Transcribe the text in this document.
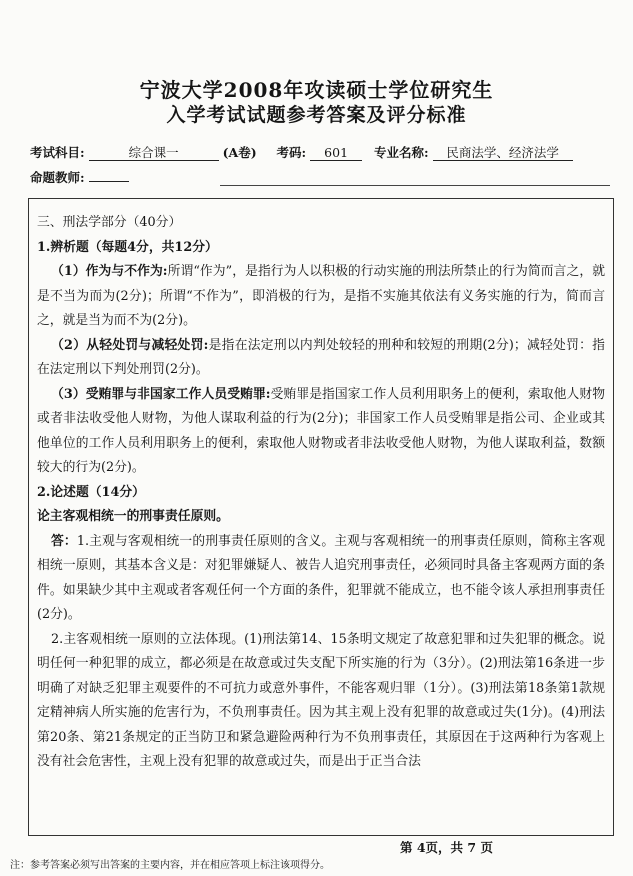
宁波大学2008年攻读硕士学位研究生
入学考试试题参考答案及评分标准
考试科目:	综合课一	(A卷) 考码: 601 专业名称: 民商法学、经济法学
命题教师:

三、刑法学部分（40分）

1.辨析题（每题4分，共12分）

（1）作为与不作为:所谓“作为”，是指行为人以积极的行动实施的刑法所禁止的行为简而言之，就是不当为而为(2分)；所谓“不作为”，即消极的行为，是指不实施其依法有义务实施的行为，简而言之，就是当为而不为(2分)。

（2）从轻处罚与减轻处罚:是指在法定刑以内判处较轻的刑种和较短的刑期(2分)；减轻处罚：指在法定刑以下判处刑罚(2分)。

（3）受贿罪与非国家工作人员受贿罪:受贿罪是指国家工作人员利用职务上的便利，索取他人财物或者非法收受他人财物，为他人谋取利益的行为(2分)；非国家工作人员受贿罪是指公司、企业或其他单位的工作人员利用职务上的便利，索取他人财物或者非法收受他人财物，为他人谋取利益，数额较大的行为(2分)。

2.论述题（14分）

论主客观相统一的刑事责任原则。

答：1.主观与客观相统一的刑事责任原则的含义。主观与客观相统一的刑事责任原则，简称主客观相统一原则，其基本含义是：对犯罪嫌疑人、被告人追究刑事责任，必须同时具备主客观两方面的条件。如果缺少其中主观或者客观任何一个方面的条件，犯罪就不能成立，也不能令该人承担刑事责任(2分)。

2.主客观相统一原则的立法体现。(1)刑法第14、15条明文规定了故意犯罪和过失犯罪的概念。说明任何一种犯罪的成立，都必须是在故意或过失支配下所实施的行为（3分）。(2)刑法第16条进一步明确了对缺乏犯罪主观要件的不可抗力或意外事件，不能客观归罪（1分）。(3)刑法第18条第1款规定精神病人所实施的危害行为，不负刑事责任。因为其主观上没有犯罪的故意或过失(1分)。(4)刑法第20条、第21条规定的正当防卫和紧急避险两种行为不负刑事责任，其原因在于这两种行为客观上没有社会危害性，主观上没有犯罪的故意或过失，而是出于正当合法

第 4页，共 7 页
注：参考答案必须写出答案的主要内容，并在相应答项上标注该项得分。
